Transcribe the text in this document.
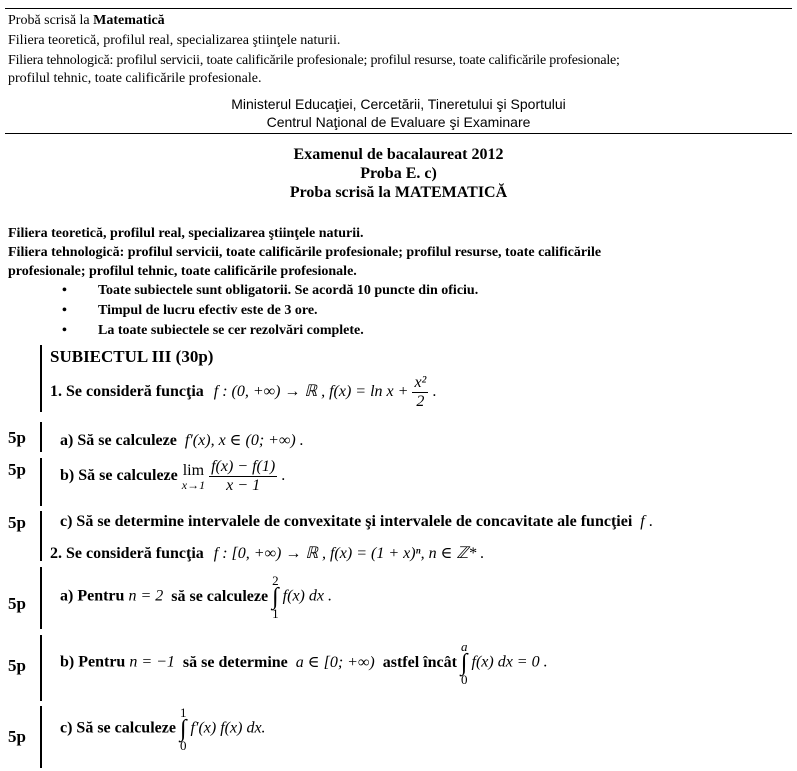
Probă scrisă la Matematică
Filiera teoretică, profilul real, specializarea ştiinţele naturii.
Filiera tehnologică: profilul servicii, toate calificările profesionale; profilul resurse, toate calificările profesionale;
profilul tehnic, toate calificările profesionale.
Ministerul Educaţiei, Cercetării, Tineretului şi Sportului
Centrul Naţional de Evaluare şi Examinare
Examenul de bacalaureat 2012
Proba E. c)
Proba scrisă la MATEMATICĂ
Filiera teoretică, profilul real, specializarea ştiinţele naturii.
Filiera tehnologică: profilul servicii, toate calificările profesionale; profilul resurse, toate calificările
profesionale; profilul tehnic, toate calificările profesionale.
• Toate subiectele sunt obligatorii. Se acordă 10 puncte din oficiu.
• Timpul de lucru efectiv este de 3 ore.
• La toate subiectele se cer rezolvări complete.
SUBIECTUL III (30p)
1. Se consideră funcţia f : (0, +∞) → ℝ , $f(x) = \ln x + \frac{\text{x²}}{2}$ .
5p a) Să se calculeze f′(x), x ∈ (0; +∞) .
5p b) Să se calculeze lim
x→1
$\frac{f(x) - f(1)}{x - 1}$ .
5p c) Să se determine intervalele de convexitate şi intervalele de concavitate ale funcţiei f .
2. Se consideră funcţia f : [0, +∞) → ℝ , f(x) = (1 + x)ⁿ, n ∈ ℤ* .
5p a) Pentru n = 2 să se calculeze
2
∫
1
f(x) dx .
5p b) Pentru n = −1 să se determine a ∈ [0; +∞) astfel încât
a
∫
0
f(x) dx = 0 .
5p c) Să se calculeze
1
∫
0
f′(x) f(x) dx.
